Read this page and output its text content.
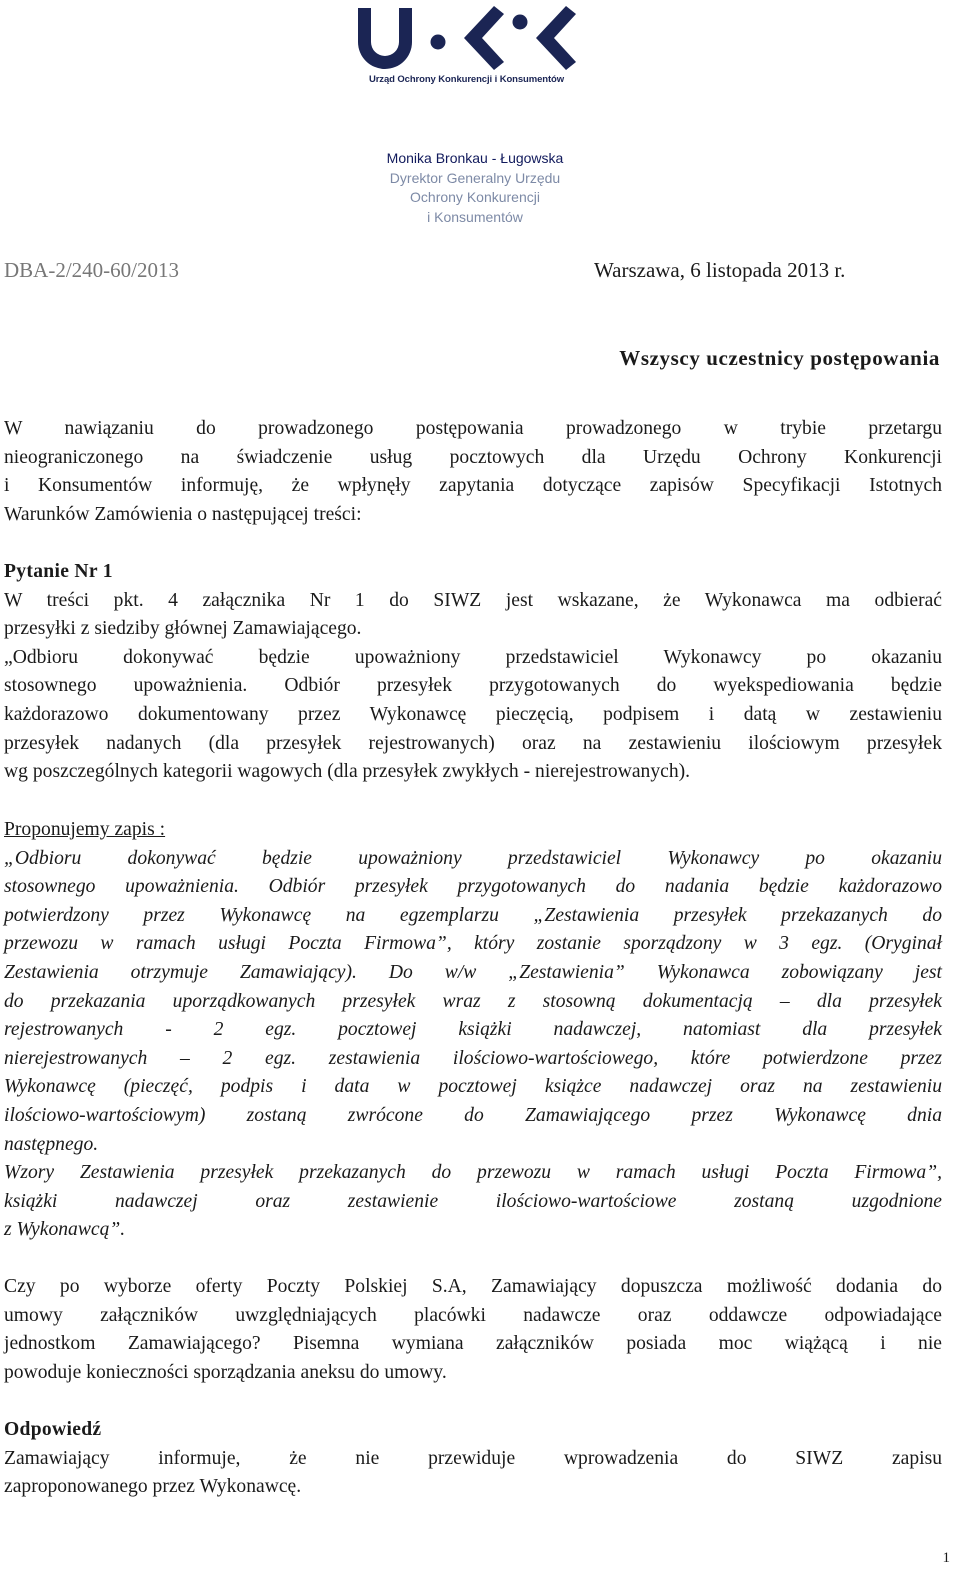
Urząd Ochrony Konkurencji i Konsumentów
Monika Bronkau - Ługowska
Dyrektor Generalny Urzędu
Ochrony Konkurencji
i Konsumentów
DBA-2/240-60/2013	Warszawa, 6 listopada 2013 r.
Wszyscy uczestnicy postępowania

W nawiązaniu do prowadzonego postępowania prowadzonego w trybie przetargu

nieograniczonego na świadczenie usług pocztowych dla Urzędu Ochrony Konkurencji

i Konsumentów informuję, że wpłynęły zapytania dotyczące zapisów Specyfikacji Istotnych

Warunków Zamówienia o następującej treści:

Pytanie Nr 1

W treści pkt. 4 załącznika Nr 1 do SIWZ jest wskazane, że Wykonawca ma odbierać

przesyłki z siedziby głównej Zamawiającego.

„Odbioru dokonywać będzie upoważniony przedstawiciel Wykonawcy po okazaniu

stosownego upoważnienia. Odbiór przesyłek przygotowanych do wyekspediowania będzie

każdorazowo dokumentowany przez Wykonawcę pieczęcią, podpisem i datą w zestawieniu

przesyłek nadanych (dla przesyłek rejestrowanych) oraz na zestawieniu ilościowym przesyłek

wg poszczególnych kategorii wagowych (dla przesyłek zwykłych - nierejestrowanych).

Proponujemy zapis :

„Odbioru dokonywać będzie upoważniony przedstawiciel Wykonawcy po okazaniu

stosownego upoważnienia. Odbiór przesyłek przygotowanych do nadania będzie każdorazowo

potwierdzony przez Wykonawcę na egzemplarzu „Zestawienia przesyłek przekazanych do

przewozu w ramach usługi Poczta Firmowa”, który zostanie sporządzony w 3 egz. (Oryginał

Zestawienia otrzymuje Zamawiający). Do w/w „Zestawienia” Wykonawca zobowiązany jest

do przekazania uporządkowanych przesyłek wraz z stosowną dokumentacją – dla przesyłek

rejestrowanych - 2 egz. pocztowej książki nadawczej, natomiast dla przesyłek

nierejestrowanych – 2 egz. zestawienia ilościowo-wartościowego, które potwierdzone przez

Wykonawcę (pieczęć, podpis i data w pocztowej książce nadawczej oraz na zestawieniu

ilościowo-wartościowym) zostaną zwrócone do Zamawiającego przez Wykonawcę dnia

następnego.

Wzory Zestawienia przesyłek przekazanych do przewozu w ramach usługi Poczta Firmowa”,

książki nadawczej oraz zestawienie ilościowo-wartościowe zostaną uzgodnione

z Wykonawcą”.

Czy po wyborze oferty Poczty Polskiej S.A, Zamawiający dopuszcza możliwość dodania do

umowy załączników uwzględniających placówki nadawcze oraz oddawcze odpowiadające

jednostkom Zamawiającego? Pisemna wymiana załączników posiada moc wiążącą i nie

powoduje konieczności sporządzania aneksu do umowy.

Odpowiedź

Zamawiający informuje, że nie przewiduje wprowadzenia do SIWZ zapisu

zaproponowanego przez Wykonawcę.

1
